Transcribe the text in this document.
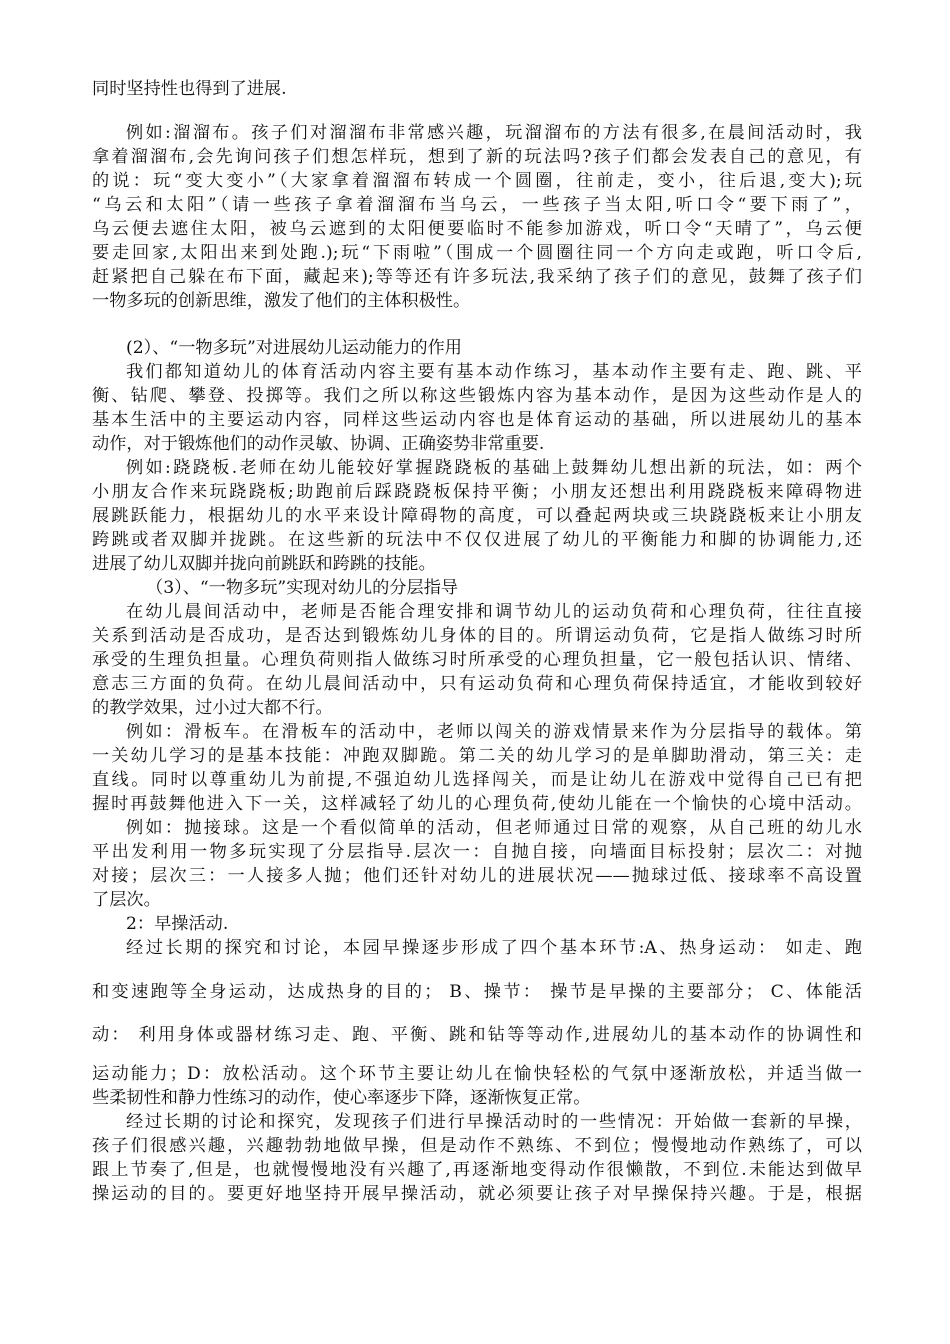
同时坚持性也得到了进展.
例如:溜溜布。孩子们对溜溜布非常感兴趣，玩溜溜布的方法有很多,在晨间活动时，我
拿着溜溜布,会先询问孩子们想怎样玩，想到了新的玩法吗?孩子们都会发表自己的意见，有
的说：玩“变大变小”（大家拿着溜溜布转成一个圆圈，往前走，变小，往后退,变大);玩
“乌云和太阳”（请一些孩子拿着溜溜布当乌云，一些孩子当太阳,听口令“要下雨了”，
乌云便去遮住太阳，被乌云遮到的太阳便要临时不能参加游戏，听口令“天晴了”，乌云便
要走回家,太阳出来到处跑.);玩“下雨啦”（围成一个圆圈往同一个方向走或跑，听口令后,
赶紧把自己躲在布下面，藏起来);等等还有许多玩法,我采纳了孩子们的意见，鼓舞了孩子们
一物多玩的创新思维，激发了他们的主体积极性。
(2）、“一物多玩”对进展幼儿运动能力的作用
我们都知道幼儿的体育活动内容主要有基本动作练习，基本动作主要有走、跑、跳、平
衡、钻爬、攀登、投掷等。我们之所以称这些锻炼内容为基本动作，是因为这些动作是人的
基本生活中的主要运动内容，同样这些运动内容也是体育运动的基础，所以进展幼儿的基本
动作，对于锻炼他们的动作灵敏、协调、正确姿势非常重要.
例如:跷跷板.老师在幼儿能较好掌握跷跷板的基础上鼓舞幼儿想出新的玩法，如：两个
小朋友合作来玩跷跷板;助跑前后踩跷跷板保持平衡；小朋友还想出利用跷跷板来障碍物进
展跳跃能力，根据幼儿的水平来设计障碍物的高度，可以叠起两块或三块跷跷板来让小朋友
跨跳或者双脚并拢跳。在这些新的玩法中不仅仅进展了幼儿的平衡能力和脚的协调能力,还
进展了幼儿双脚并拢向前跳跃和跨跳的技能。
（3）、“一物多玩”实现对幼儿的分层指导
在幼儿晨间活动中，老师是否能合理安排和调节幼儿的运动负荷和心理负荷，往往直接
关系到活动是否成功，是否达到锻炼幼儿身体的目的。所谓运动负荷，它是指人做练习时所
承受的生理负担量。心理负荷则指人做练习时所承受的心理负担量，它一般包括认识、情绪、
意志三方面的负荷。在幼儿晨间活动中，只有运动负荷和心理负荷保持适宜，才能收到较好
的教学效果，过小过大都不行。
例如：滑板车。在滑板车的活动中，老师以闯关的游戏情景来作为分层指导的载体。第
一关幼儿学习的是基本技能：冲跑双脚跪。第二关的幼儿学习的是单脚助滑动，第三关：走
直线。同时以尊重幼儿为前提,不强迫幼儿选择闯关，而是让幼儿在游戏中觉得自己已有把
握时再鼓舞他进入下一关，这样减轻了幼儿的心理负荷,使幼儿能在一个愉快的心境中活动。
例如：抛接球。这是一个看似简单的活动，但老师通过日常的观察，从自己班的幼儿水
平出发利用一物多玩实现了分层指导.层次一：自抛自接，向墙面目标投射；层次二：对抛
对接；层次三：一人接多人抛；他们还针对幼儿的进展状况——抛球过低、接球率不高设置
了层次。
2：早操活动.
经过长期的探究和讨论，本园早操逐步形成了四个基本环节:A、热身运动： 如走、跑
和变速跑等全身运动，达成热身的目的； B、操节： 操节是早操的主要部分； C、体能活
动： 利用身体或器材练习走、跑、平衡、跳和钻等等动作,进展幼儿的基本动作的协调性和
运动能力；D：放松活动。这个环节主要让幼儿在愉快轻松的气氛中逐渐放松，并适当做一
些柔韧性和静力性练习的动作，使心率逐步下降，逐渐恢复正常。
经过长期的讨论和探究，发现孩子们进行早操活动时的一些情况：开始做一套新的早操，
孩子们很感兴趣，兴趣勃勃地做早操，但是动作不熟练、不到位；慢慢地动作熟练了，可以
跟上节奏了,但是，也就慢慢地没有兴趣了,再逐渐地变得动作很懒散，不到位.未能达到做早
操运动的目的。要更好地坚持开展早操活动，就必须要让孩子对早操保持兴趣。于是，根据
